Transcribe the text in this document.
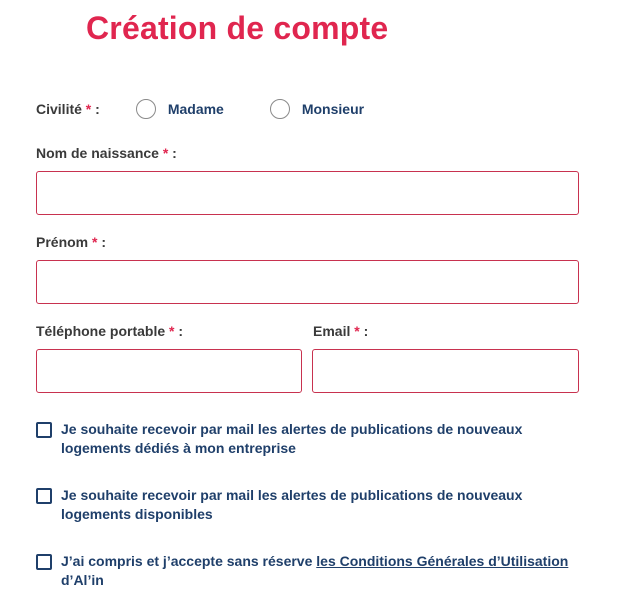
Création de compte
Civilité * :	Madame	Monsieur
Nom de naissance * :
Prénom * :
Téléphone portable * :	Email * :
Je souhaite recevoir par mail les alertes de publications de nouveaux logements dédiés à mon entreprise
Je souhaite recevoir par mail les alertes de publications de nouveaux logements disponibles
J’ai compris et j’accepte sans réserve les Conditions Générales d’Utilisation d’Al’in
